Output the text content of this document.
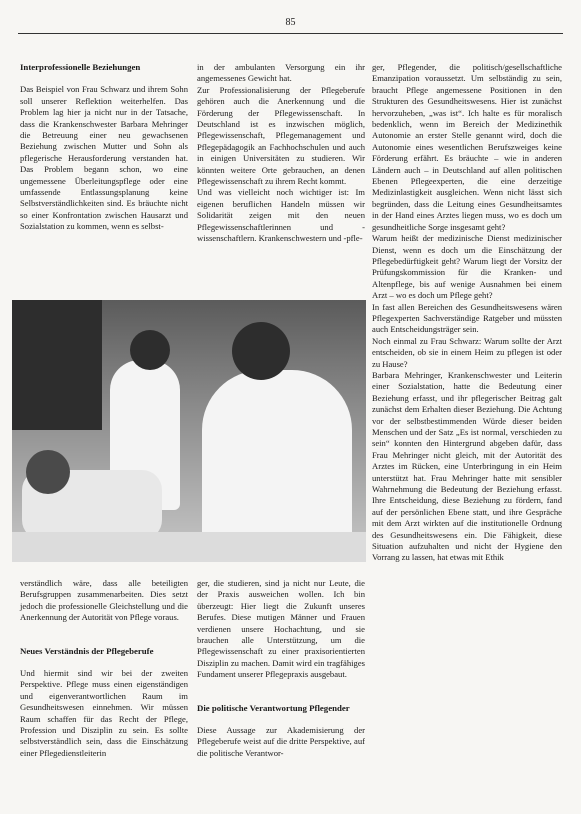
85

Interprofessionelle Beziehungen

Das Beispiel von Frau Schwarz und ihrem Sohn soll unserer Reflektion weiterhelfen. Das Problem lag hier ja nicht nur in der Tatsache, dass die Krankenschwester Barbara Mehringer die Betreuung einer neu gewachsenen Beziehung zwischen Mutter und Sohn als pflegerische Herausforderung verstanden hat. Das Problem begann schon, wo eine ungemessene Überleitungspflege oder eine umfassende Entlassungsplanung keine Selbstverständlichkeiten sind. Es bräuchte nicht so einer Konfrontation zwischen Hausarzt und Sozialstation zu kommen, wenn es selbst-

in der ambulanten Versorgung ein ihr angemessenes Gewicht hat.

Zur Professionalisierung der Pflegeberufe gehören auch die Anerkennung und die Förderung der Pflegewissenschaft. In Deutschland ist es inzwischen möglich, Pflegewissenschaft, Pflegemanagement und Pflegepädagogik an Fachhochschulen und auch in einigen Universitäten zu studieren. Wir könnten weitere Orte gebrauchen, an denen Pflegewissenschaft zu ihrem Recht kommt.

Und was vielleicht noch wichtiger ist: Im eigenen beruflichen Handeln müssen wir Solidarität zeigen mit den neuen Pflegewissenschaftlerinnen und -wissenschaftlern. Krankenschwestern und -pfle-

ger, Pflegender, die politisch/gesellschaftliche Emanzipation voraussetzt. Um selbständig zu sein, braucht Pflege angemessene Positionen in den Strukturen des Gesundheitswesens. Hier ist zunächst hervorzuheben, „was ist“. Ich halte es für moralisch bedenklich, wenn im Bereich der Medizinethik Autonomie an erster Stelle genannt wird, doch die Autonomie eines wesentlichen Berufszweiges keine Förderung erfährt. Es bräuchte – wie in anderen Ländern auch – in Deutschland auf allen politischen Ebenen Pflegeexperten, die eine derzeitige Medizinlastigkeit ausgleichen. Wenn nicht lässt sich begründen, dass die Leitung eines Gesundheitsamtes in der Hand eines Arztes liegen muss, wo es doch um gesundheitliche Sorge insgesamt geht?

Warum heißt der medizinische Dienst medizinischer Dienst, wenn es doch um die Einschätzung der Pflegebedürftigkeit geht? Warum liegt der Vorsitz der Prüfungskommission für die Kranken- und Altenpflege, bis auf wenige Ausnahmen bei einem Arzt – wo es doch um Pflege geht?

In fast allen Bereichen des Gesundheitswesens wären Pflegexperten Sachverständige Ratgeber und müssten auch Entscheidungsträger sein.

Noch einmal zu Frau Schwarz: Warum sollte der Arzt entscheiden, ob sie in einem Heim zu pflegen ist oder zu Hause?

Barbara Mehringer, Krankenschwester und Leiterin einer Sozialstation, hatte die Bedeutung einer Beziehung erfasst, und ihr pflegerischer Beitrag galt zunächst dem Erhalten dieser Beziehung. Die Achtung vor der selbstbestimmenden Würde dieser beiden Menschen und der Satz „Es ist normal, verschieden zu sein“ konnten den Hintergrund abgeben dafür, dass Frau Mehringer nicht gleich, mit der Autorität des Arztes im Rücken, eine Unterbringung in ein Heim unterstützt hat. Frau Mehringer hatte mit sensibler Wahrnehmung die Bedeutung der Beziehung erfasst. Ihre Entscheidung, diese Beziehung zu fördern, fand auf der persönlichen Ebene statt, und ihre Gespräche mit dem Arzt wirkten auf die institutionelle Ordnung des Gesundheitswesens ein. Die Fähigkeit, diese Situation aufzuhalten und nicht der Hygiene den Vorrang zu lassen, hat etwas mit Ethik

verständlich wäre, dass alle beteiligten Berufsgruppen zusammenarbeiten. Dies setzt jedoch die professionelle Gleichstellung und die Anerkennung der Autorität von Pflege voraus.

Neues Verständnis der Pflegeberufe

Und hiermit sind wir bei der zweiten Perspektive. Pflege muss einen eigenständigen und eigenverantwortlichen Raum im Gesundheitswesen einnehmen. Wir müssen Raum schaffen für das Recht der Pflege, Profession und Disziplin zu sein. Es sollte selbstverständlich sein, dass die Einschätzung einer Pflegedienstleiterin

ger, die studieren, sind ja nicht nur Leute, die der Praxis ausweichen wollen. Ich bin überzeugt: Hier liegt die Zukunft unseres Berufes. Diese mutigen Männer und Frauen verdienen unsere Hochachtung, und sie brauchen alle Unterstützung, um die Pflegewissenschaft zu einer praxisorientierten Disziplin zu machen. Damit wird ein tragfähiges Fundament unserer Pflegepraxis ausgebaut.

Die politische Verantwortung Pflegender

Diese Aussage zur Akademisierung der Pflegeberufe weist auf die dritte Perspektive, auf die politische Verantwor-
